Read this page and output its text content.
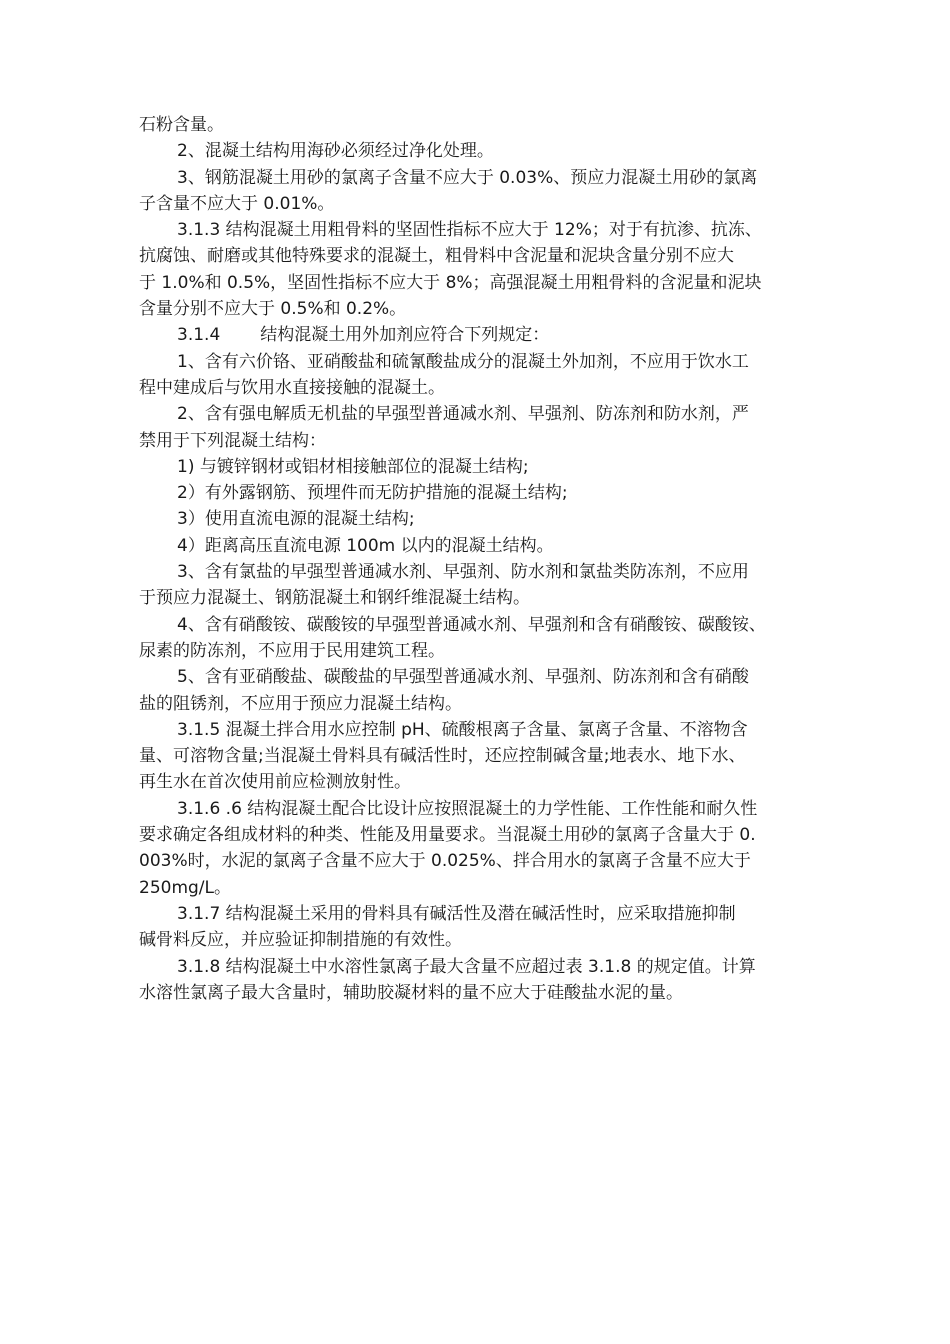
石粉含量。
2、混凝土结构用海砂必须经过净化处理。
3、钢筋混凝土用砂的氯离子含量不应大于 0.03%、预应力混凝土用砂的氯离
子含量不应大于 0.01%。
3.1.3 结构混凝土用粗骨料的坚固性指标不应大于 12%；对于有抗渗、抗冻、
抗腐蚀、耐磨或其他特殊要求的混凝土，粗骨料中含泥量和泥块含量分别不应大
于 1.0%和 0.5%，坚固性指标不应大于 8%；高强混凝土用粗骨料的含泥量和泥块
含量分别不应大于 0.5%和 0.2%。
3.1.4 结构混凝土用外加剂应符合下列规定：
1、含有六价铬、亚硝酸盐和硫氰酸盐成分的混凝土外加剂，不应用于饮水工
程中建成后与饮用水直接接触的混凝土。
2、含有强电解质无机盐的早强型普通减水剂、早强剂、防冻剂和防水剂，严
禁用于下列混凝土结构：
1) 与镀锌钢材或铝材相接触部位的混凝土结构;
2）有外露钢筋、预埋件而无防护措施的混凝土结构;
3）使用直流电源的混凝土结构;
4）距离高压直流电源 100m 以内的混凝土结构。
3、含有氯盐的早强型普通减水剂、早强剂、防水剂和氯盐类防冻剂，不应用
于预应力混凝土、钢筋混凝土和钢纤维混凝土结构。
4、含有硝酸铵、碳酸铵的早强型普通减水剂、早强剂和含有硝酸铵、碳酸铵、
尿素的防冻剂，不应用于民用建筑工程。
5、含有亚硝酸盐、碳酸盐的早强型普通减水剂、早强剂、防冻剂和含有硝酸
盐的阻锈剂，不应用于预应力混凝土结构。
3.1.5 混凝土拌合用水应控制 pH、硫酸根离子含量、氯离子含量、不溶物含
量、可溶物含量;当混凝土骨料具有碱活性时，还应控制碱含量;地表水、地下水、
再生水在首次使用前应检测放射性。
3.1.6 .6 结构混凝土配合比设计应按照混凝土的力学性能、工作性能和耐久性
要求确定各组成材料的种类、性能及用量要求。当混凝土用砂的氯离子含量大于 0.
003%时，水泥的氯离子含量不应大于 0.025%、拌合用水的氯离子含量不应大于
250mg/L。
3.1.7 结构混凝土采用的骨料具有碱活性及潜在碱活性时，应采取措施抑制
碱骨料反应，并应验证抑制措施的有效性。
3.1.8 结构混凝土中水溶性氯离子最大含量不应超过表 3.1.8 的规定值。计算
水溶性氯离子最大含量时，辅助胶凝材料的量不应大于硅酸盐水泥的量。
